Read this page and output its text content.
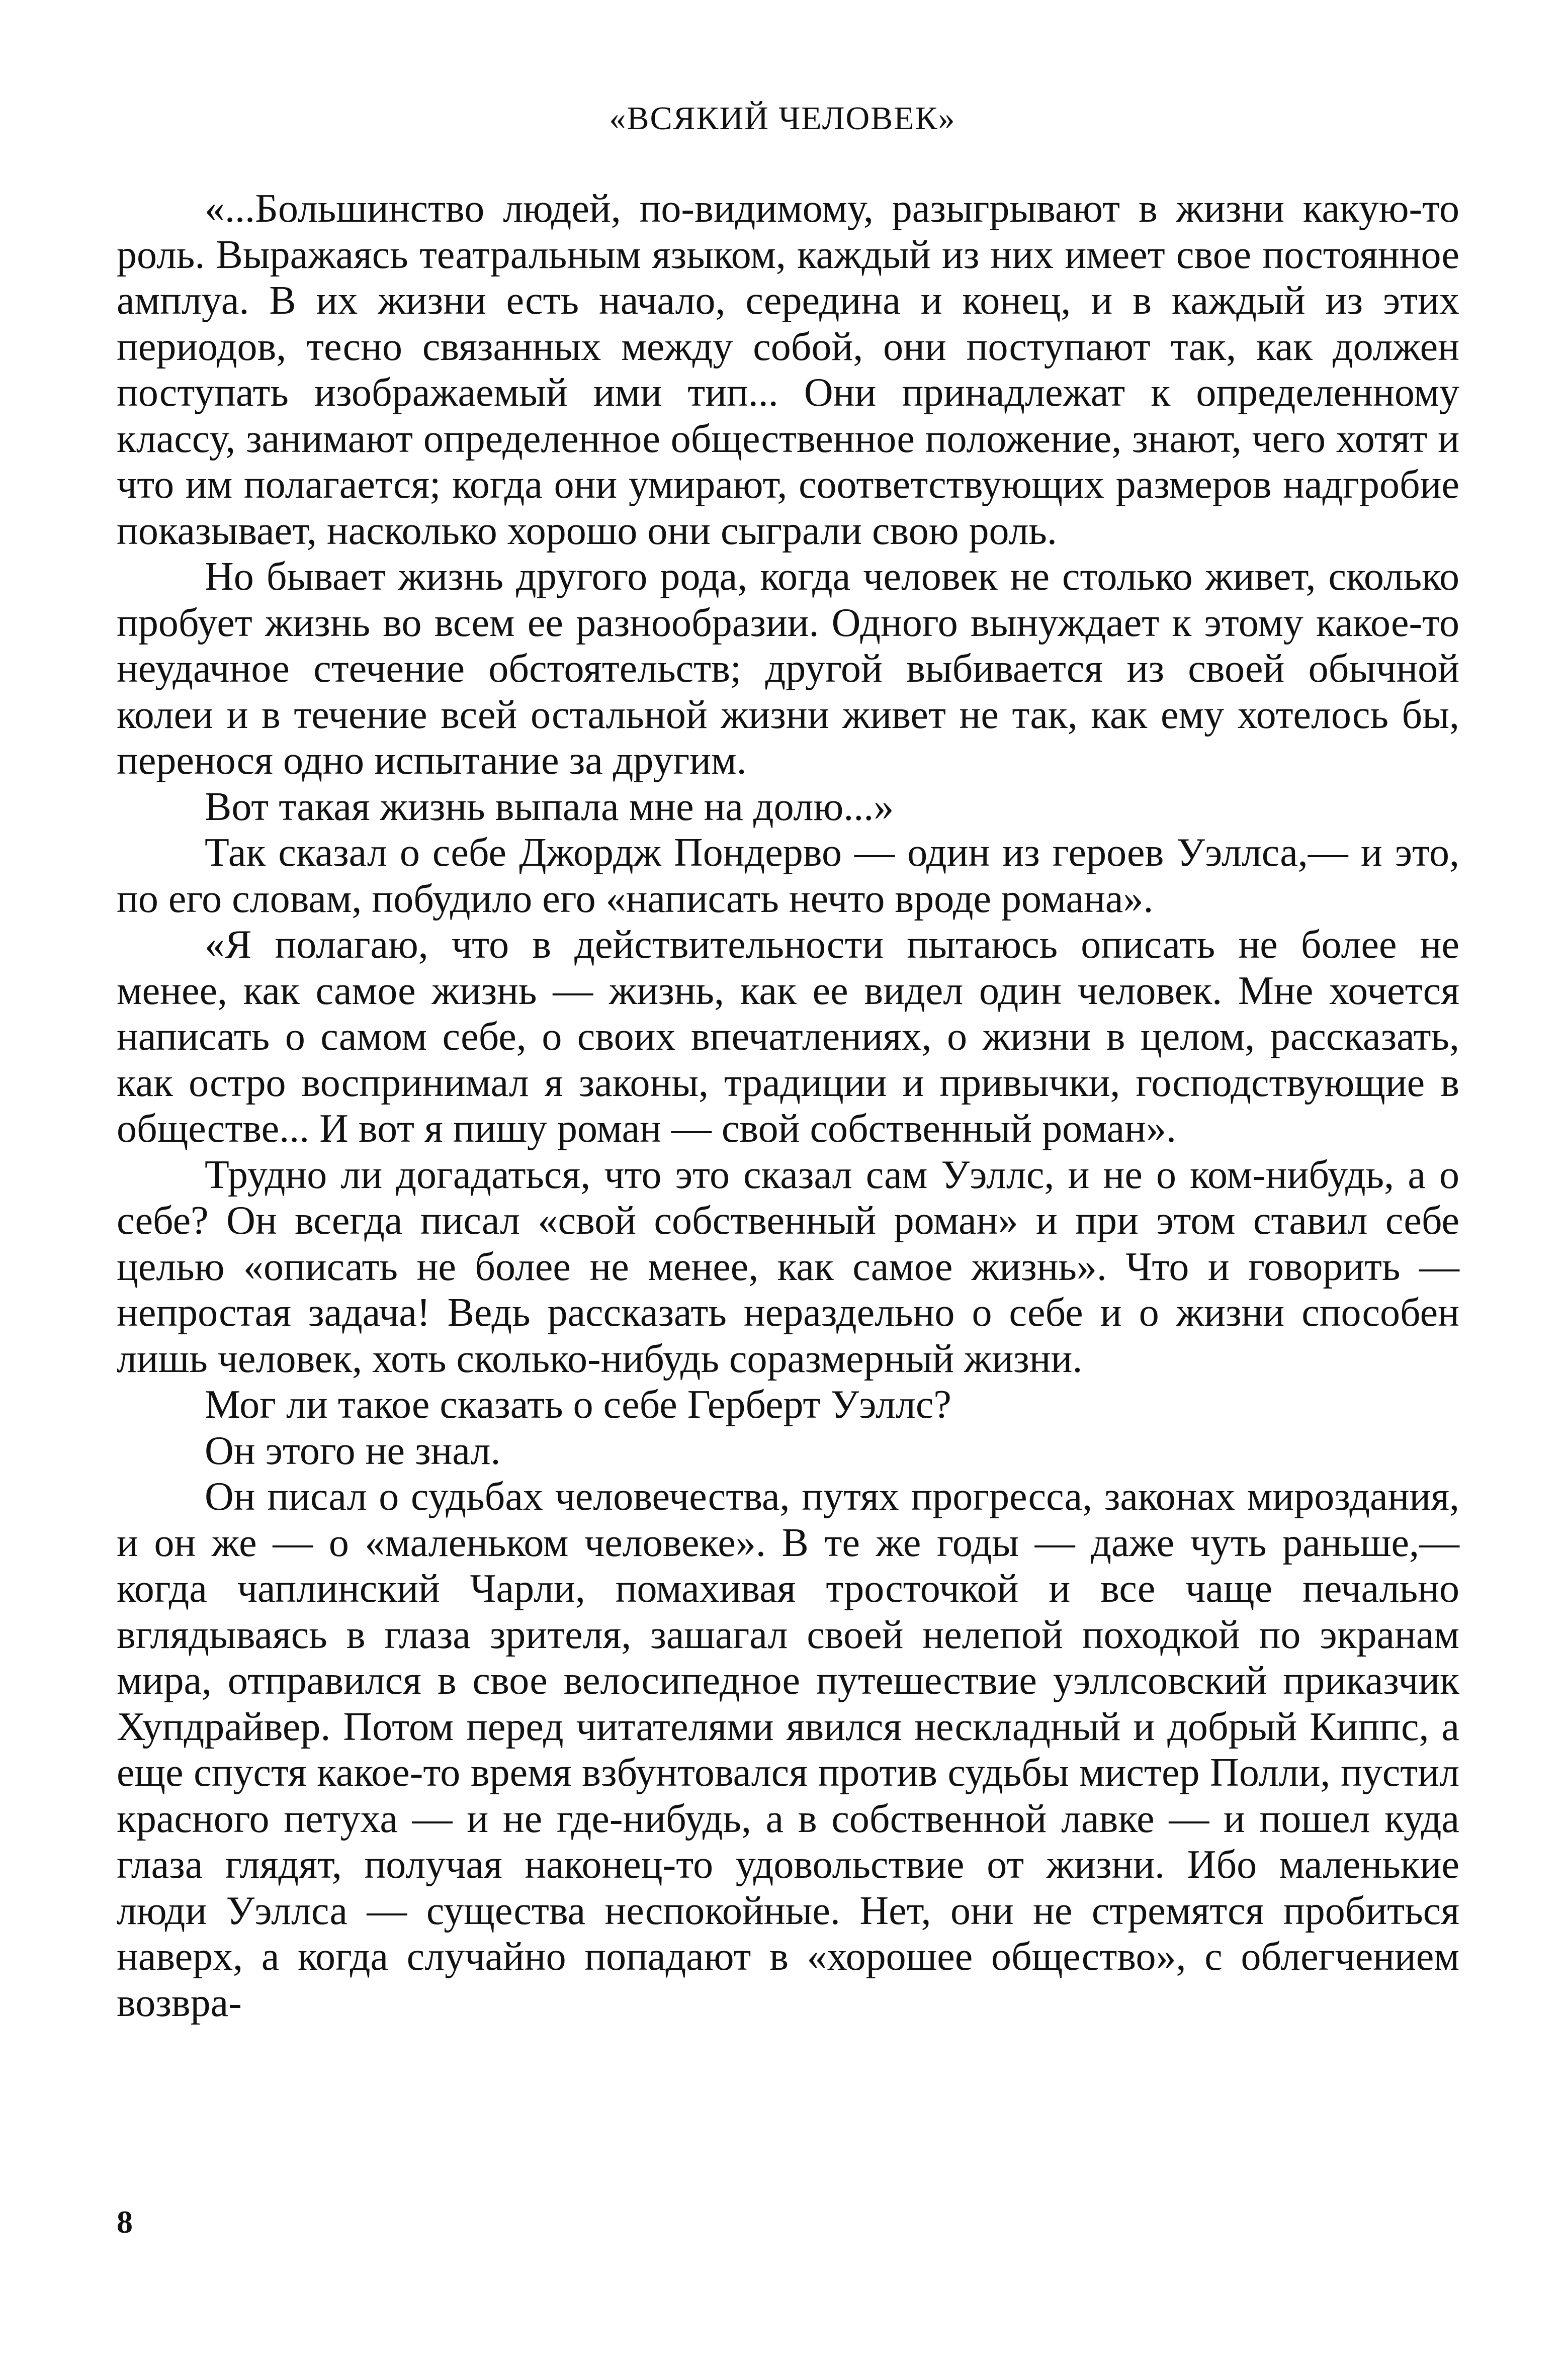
«ВСЯКИЙ ЧЕЛОВЕК»

«...Большинство людей, по-видимому, разыгрывают в жизни какую-то роль. Выражаясь театральным языком, каждый из них имеет свое постоянное амплуа. В их жизни есть начало, середина и конец, и в каждый из этих периодов, тесно связанных между собой, они поступают так, как должен поступать изображаемый ими тип... Они принадлежат к определенному классу, занимают определенное общественное положение, знают, чего хотят и что им полагается; когда они умирают, соответствующих размеров надгробие показывает, насколько хорошо они сыграли свою роль.

Но бывает жизнь другого рода, когда человек не столько живет, сколько пробует жизнь во всем ее разнообразии. Одного вынуждает к этому какое-то неудачное стечение обстоятельств; другой выбивается из своей обычной колеи и в течение всей остальной жизни живет не так, как ему хотелось бы, перенося одно испытание за другим.

Вот такая жизнь выпала мне на долю...»

Так сказал о себе Джордж Пондерво — один из героев Уэллса,— и это, по его словам, побудило его «написать нечто вроде романа».

«Я полагаю, что в действительности пытаюсь описать не более не менее, как самое жизнь — жизнь, как ее видел один человек. Мне хочется написать о самом себе, о своих впечатлениях, о жизни в целом, рассказать, как остро воспринимал я законы, традиции и привычки, господствующие в обществе... И вот я пишу роман — свой собственный роман».

Трудно ли догадаться, что это сказал сам Уэллс, и не о ком-нибудь, а о себе? Он всегда писал «свой собственный роман» и при этом ставил себе целью «описать не более не менее, как самое жизнь». Что и говорить — непростая задача! Ведь рассказать нераздельно о себе и о жизни способен лишь человек, хоть сколько-нибудь соразмерный жизни.

Мог ли такое сказать о себе Герберт Уэллс?

Он этого не знал.

Он писал о судьбах человечества, путях прогресса, законах мироздания, и он же — о «маленьком человеке». В те же годы — даже чуть раньше,— когда чаплинский Чарли, помахивая тросточкой и все чаще печально вглядываясь в глаза зрителя, зашагал своей нелепой походкой по экранам мира, отправился в свое велосипедное путешествие уэллсовский приказчик Хупдрайвер. Потом перед читателями явился нескладный и добрый Киппс, а еще спустя какое-то время взбунтовался против судьбы мистер Полли, пустил красного петуха — и не где-нибудь, а в собственной лавке — и пошел куда глаза глядят, получая наконец-то удовольствие от жизни. Ибо маленькие люди Уэллса — существа неспокойные. Нет, они не стремятся пробиться наверх, а когда случайно попадают в «хорошее общество», с облегчением возвра-

8
